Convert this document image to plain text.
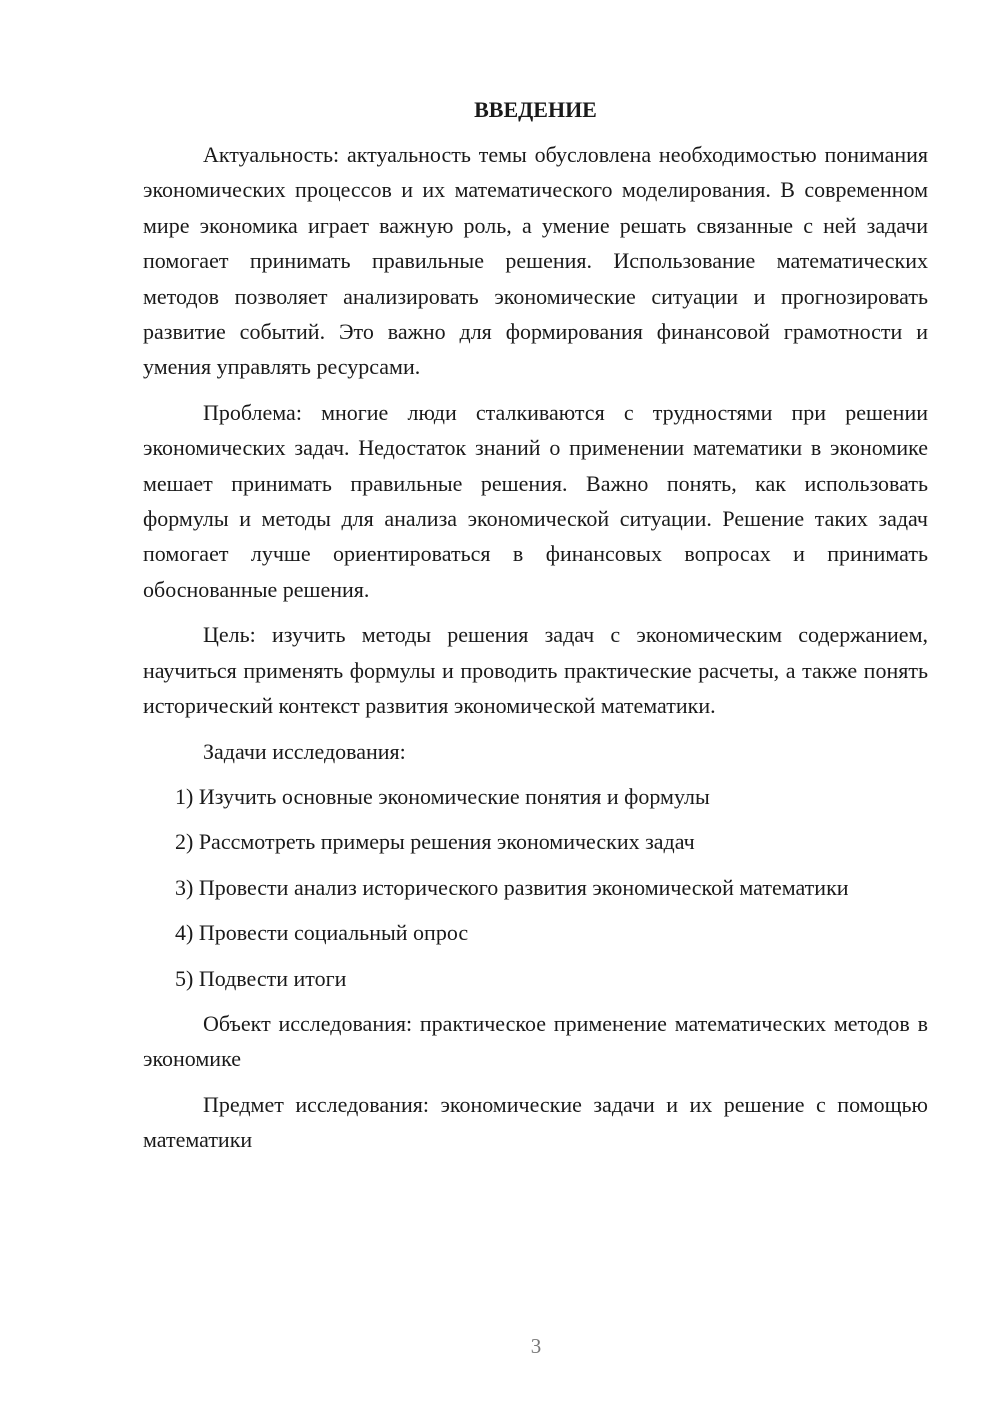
ВВЕДЕНИЕ

Актуальность: актуальность темы обусловлена необходимостью понимания экономических процессов и их математического моделирования. В современном мире экономика играет важную роль, а умение решать связанные с ней задачи помогает принимать правильные решения. Использование математических методов позволяет анализировать экономические ситуации и прогнозировать развитие событий. Это важно для формирования финансовой грамотности и умения управлять ресурсами.

Проблема: многие люди сталкиваются с трудностями при решении экономических задач. Недостаток знаний о применении математики в экономике мешает принимать правильные решения. Важно понять, как использовать формулы и методы для анализа экономической ситуации. Решение таких задач помогает лучше ориентироваться в финансовых вопросах и принимать обоснованные решения.

Цель: изучить методы решения задач с экономическим содержанием, научиться применять формулы и проводить практические расчеты, а также понять исторический контекст развития экономической математики.

Задачи исследования:

1) Изучить основные экономические понятия и формулы

2) Рассмотреть примеры решения экономических задач

3) Провести анализ исторического развития экономической математики

4) Провести социальный опрос

5) Подвести итоги

Объект исследования: практическое применение математических методов в экономике

Предмет исследования: экономические задачи и их решение с помощью математики

3
